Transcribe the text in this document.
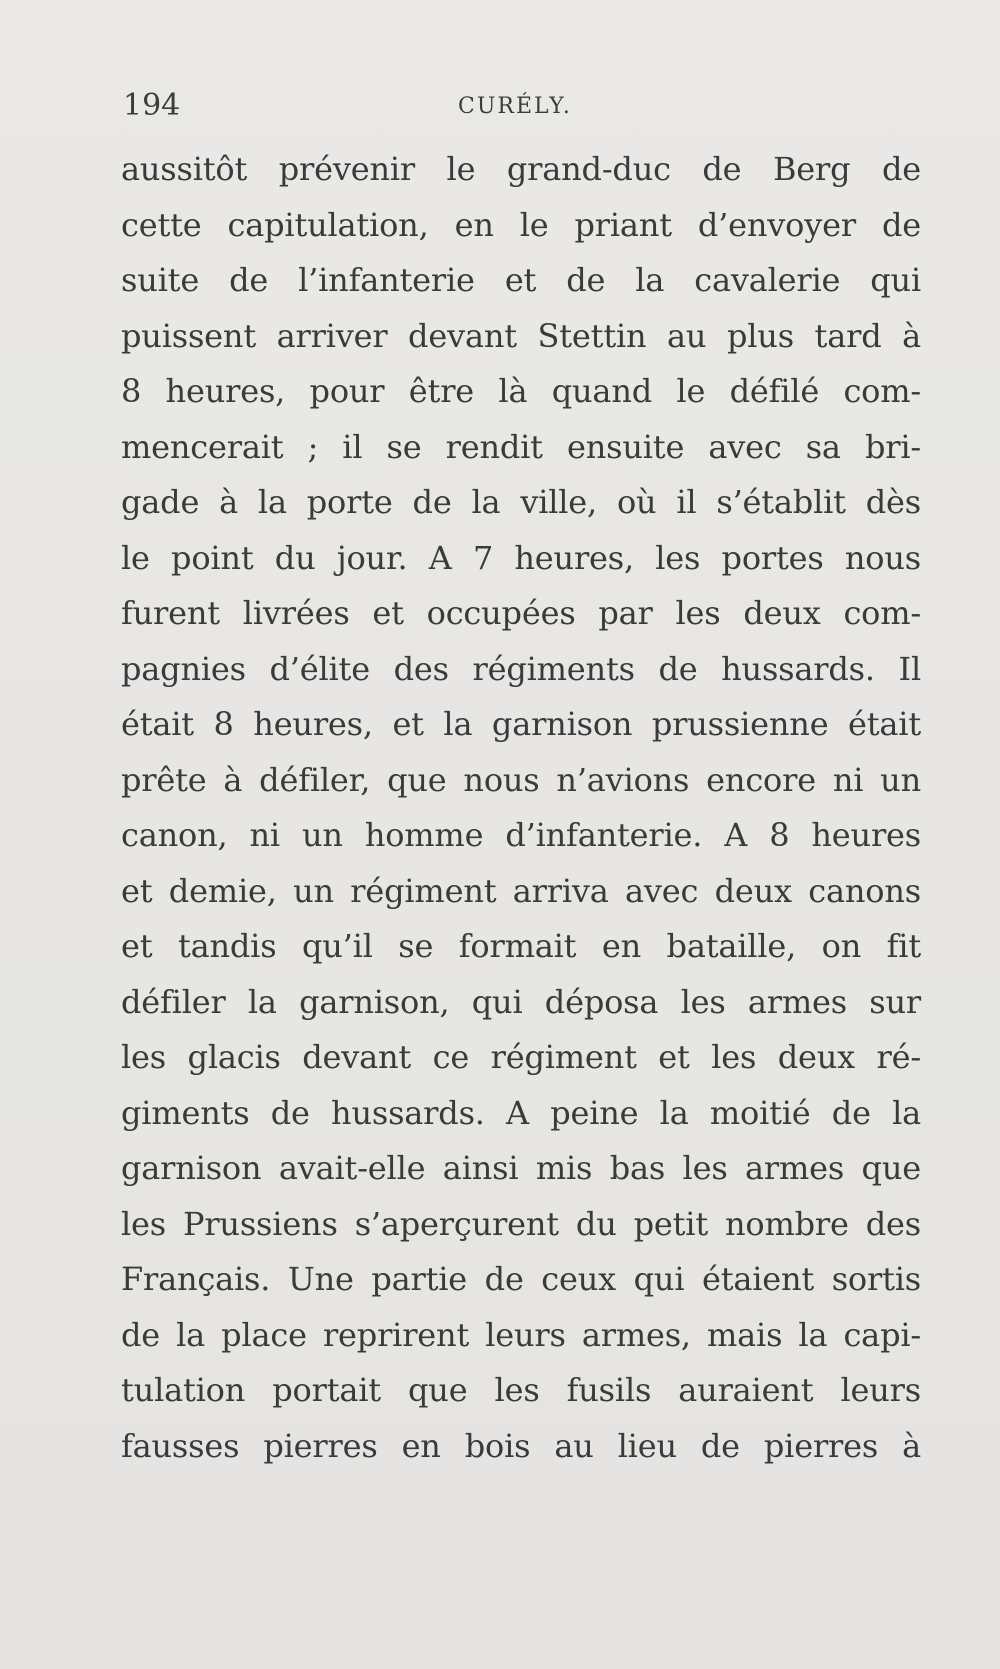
194	CURÉLY.
aussitôt prévenir le grand-duc de Berg de
cette capitulation, en le priant d’envoyer de
suite de l’infanterie et de la cavalerie qui
puissent arriver devant Stettin au plus tard à
8 heures, pour être là quand le défilé com-
mencerait ; il se rendit ensuite avec sa bri-
gade à la porte de la ville, où il s’établit dès
le point du jour. A 7 heures, les portes nous
furent livrées et occupées par les deux com-
pagnies d’élite des régiments de hussards. Il
était 8 heures, et la garnison prussienne était
prête à défiler, que nous n’avions encore ni un
canon, ni un homme d’infanterie. A 8 heures
et demie, un régiment arriva avec deux canons
et tandis qu’il se formait en bataille, on fit
défiler la garnison, qui déposa les armes sur
les glacis devant ce régiment et les deux ré-
giments de hussards. A peine la moitié de la
garnison avait-elle ainsi mis bas les armes que
les Prussiens s’aperçurent du petit nombre des
Français. Une partie de ceux qui étaient sortis
de la place reprirent leurs armes, mais la capi-
tulation portait que les fusils auraient leurs
fausses pierres en bois au lieu de pierres à
